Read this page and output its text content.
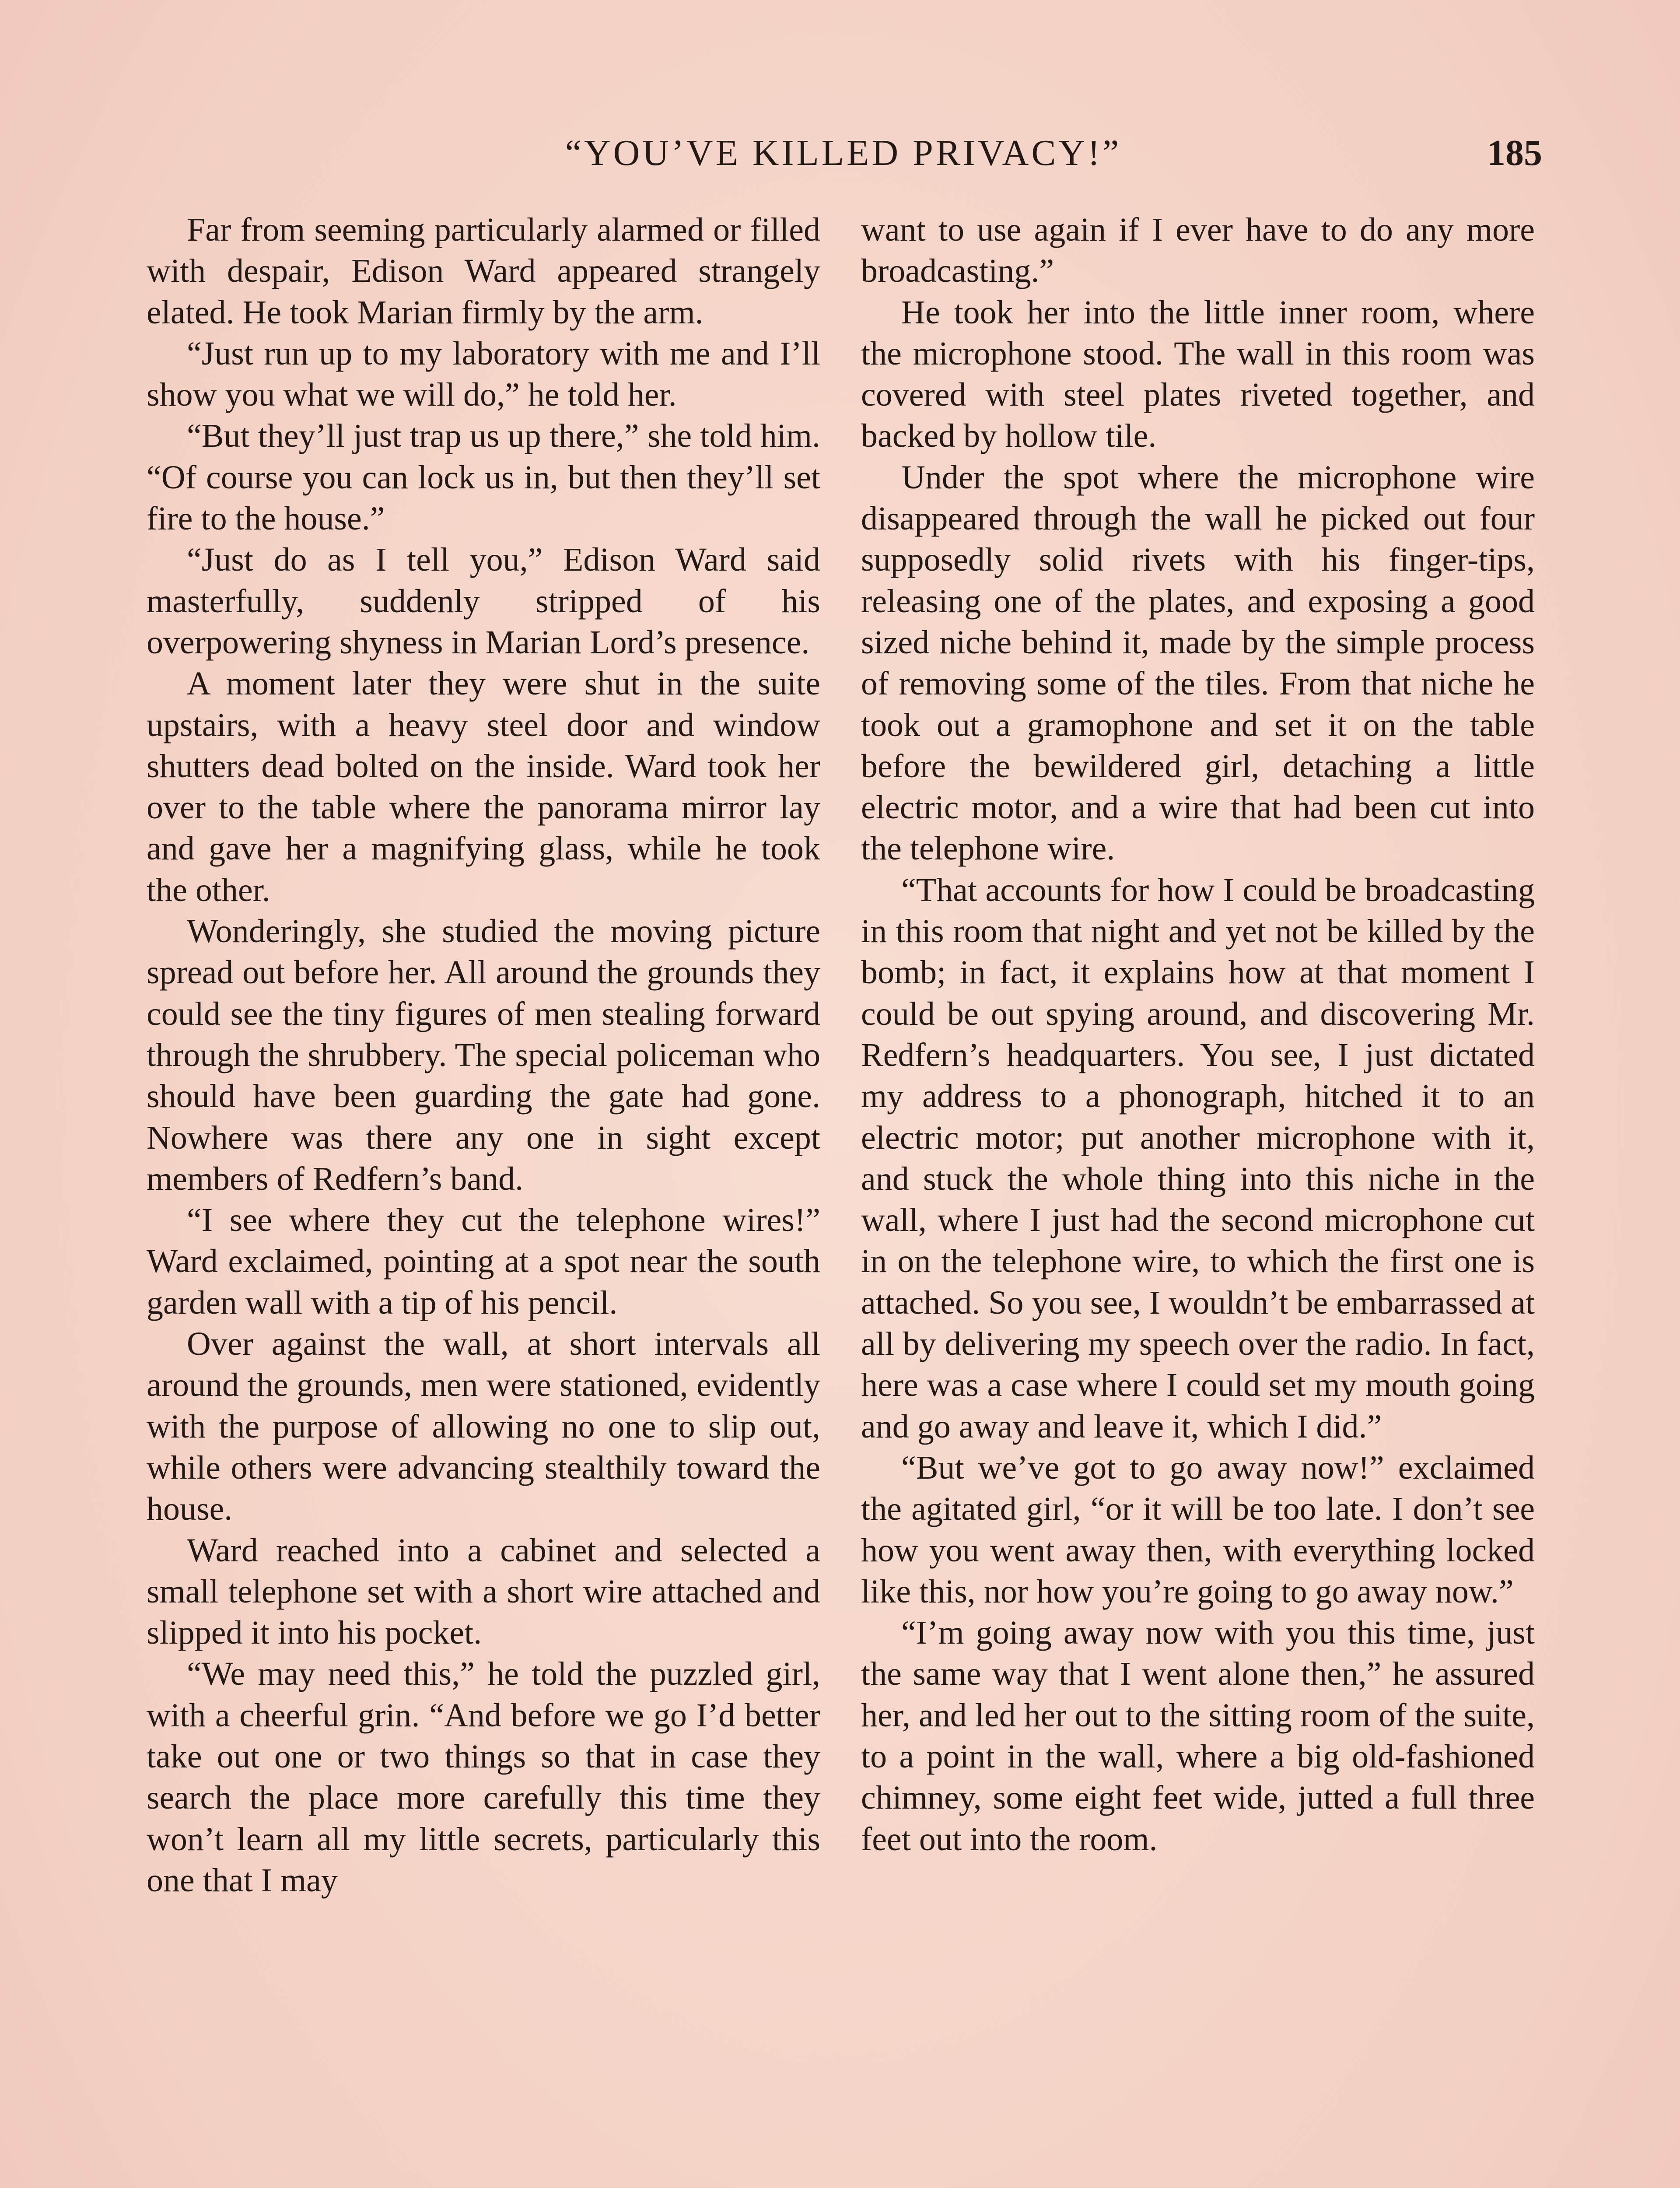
“YOU’VE KILLED PRIVACY!”	185

Far from seeming particularly alarmed or filled with despair, Edison Ward appeared strangely elated. He took Marian firmly by the arm.

“Just run up to my laboratory with me and I’ll show you what we will do,” he told her.

“But they’ll just trap us up there,” she told him. “Of course you can lock us in, but then they’ll set fire to the house.”

“Just do as I tell you,” Edison Ward said masterfully, suddenly stripped of his overpowering shyness in Marian Lord’s presence.

A moment later they were shut in the suite upstairs, with a heavy steel door and window shutters dead bolted on the inside. Ward took her over to the table where the panorama mirror lay and gave her a magnifying glass, while he took the other.

Wonderingly, she studied the moving picture spread out before her. All around the grounds they could see the tiny figures of men stealing forward through the shrubbery. The special policeman who should have been guarding the gate had gone. Nowhere was there any one in sight except members of Redfern’s band.

“I see where they cut the telephone wires!” Ward exclaimed, pointing at a spot near the south garden wall with a tip of his pencil.

Over against the wall, at short intervals all around the grounds, men were stationed, evidently with the purpose of allowing no one to slip out, while others were advancing stealthily toward the house.

Ward reached into a cabinet and selected a small telephone set with a short wire attached and slipped it into his pocket.

“We may need this,” he told the puzzled girl, with a cheerful grin. “And before we go I’d better take out one or two things so that in case they search the place more carefully this time they won’t learn all my little secrets, particularly this one that I may

want to use again if I ever have to do any more broadcasting.”

He took her into the little inner room, where the microphone stood. The wall in this room was covered with steel plates riveted together, and backed by hollow tile.

Under the spot where the microphone wire disappeared through the wall he picked out four supposedly solid rivets with his finger-tips, releasing one of the plates, and exposing a good sized niche behind it, made by the simple process of removing some of the tiles. From that niche he took out a gramophone and set it on the table before the bewildered girl, detaching a little electric motor, and a wire that had been cut into the telephone wire.

“That accounts for how I could be broadcasting in this room that night and yet not be killed by the bomb; in fact, it explains how at that moment I could be out spying around, and discovering Mr. Redfern’s headquarters. You see, I just dictated my address to a phonograph, hitched it to an electric motor; put another microphone with it, and stuck the whole thing into this niche in the wall, where I just had the second microphone cut in on the telephone wire, to which the first one is attached. So you see, I wouldn’t be embarrassed at all by delivering my speech over the radio. In fact, here was a case where I could set my mouth going and go away and leave it, which I did.”

“But we’ve got to go away now!” exclaimed the agitated girl, “or it will be too late. I don’t see how you went away then, with everything locked like this, nor how you’re going to go away now.”

“I’m going away now with you this time, just the same way that I went alone then,” he assured her, and led her out to the sitting room of the suite, to a point in the wall, where a big old-fashioned chimney, some eight feet wide, jutted a full three feet out into the room.
